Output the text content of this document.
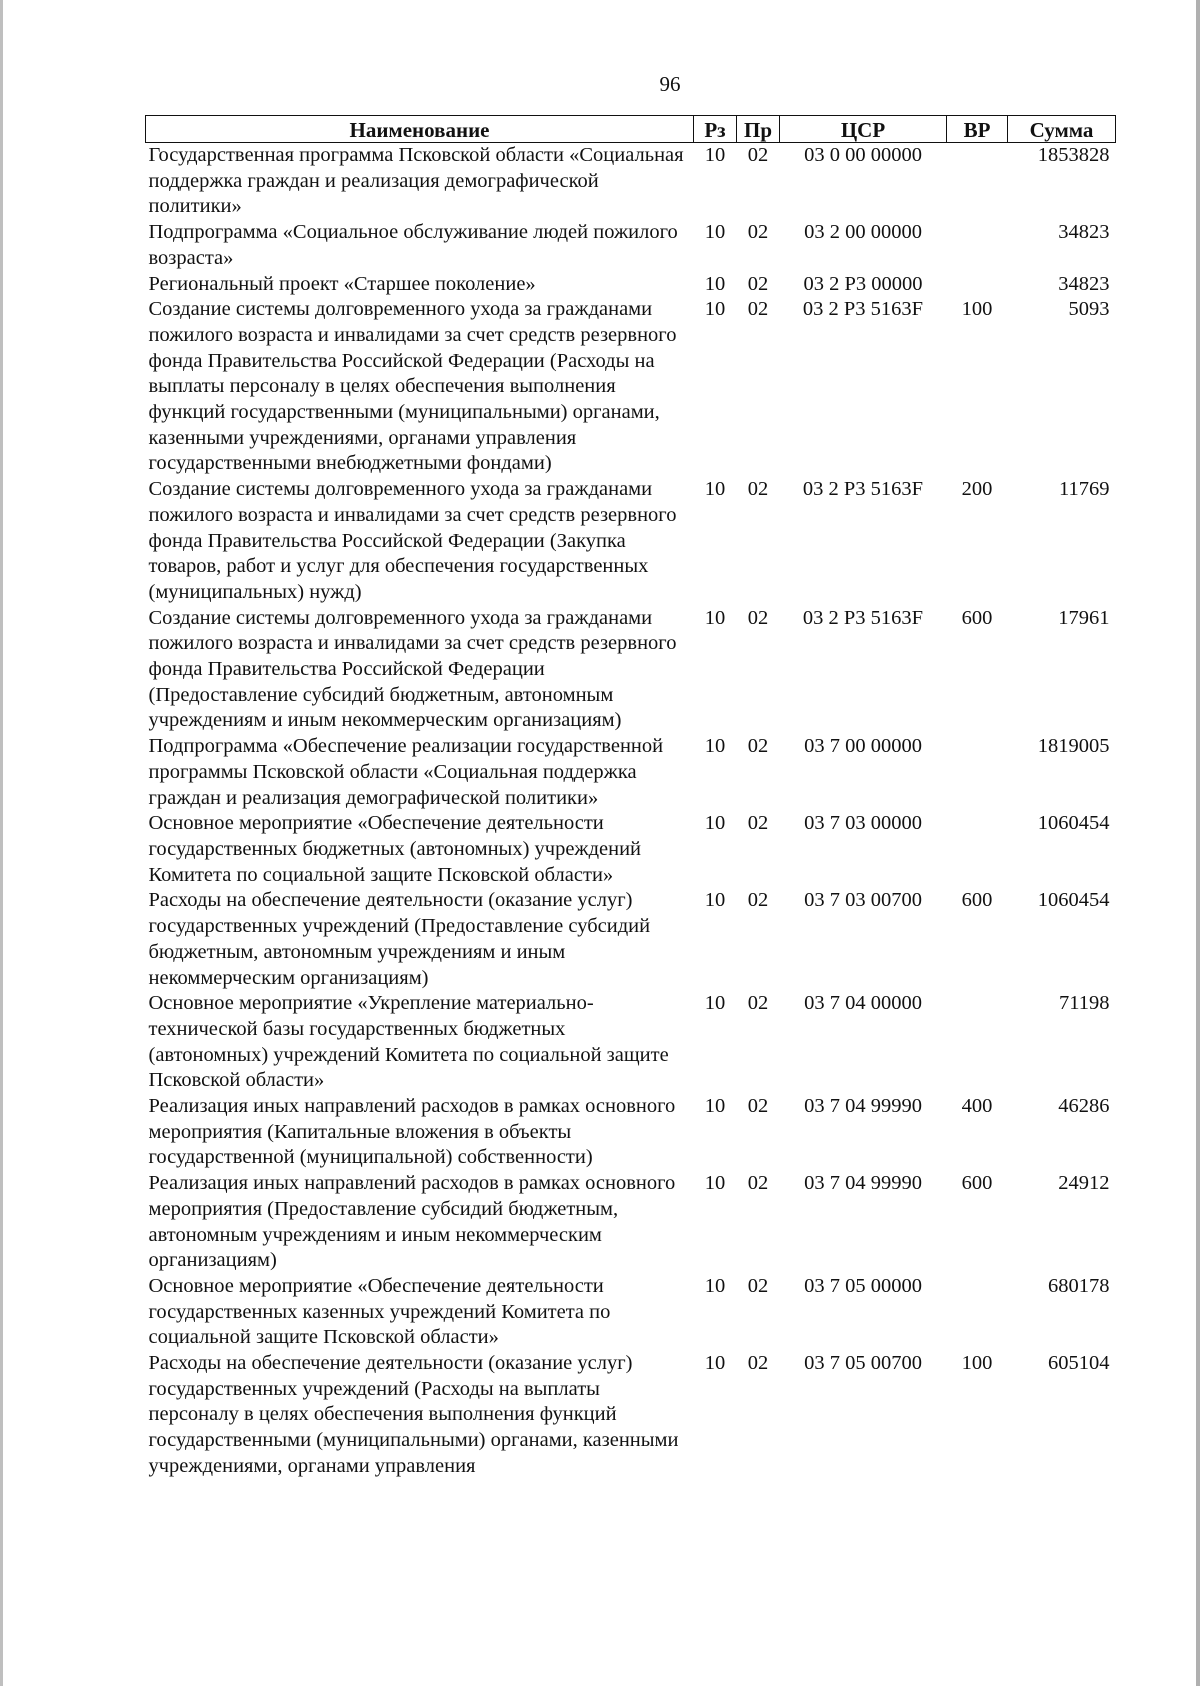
96
Наименование	Рз	Пр	ЦСР	ВР	Сумма
Государственная программа Псковской области «Социальная поддержка граждан и реализация демографической политики»	10	02	03 0 00 00000		1853828
Подпрограмма «Социальное обслуживание людей пожилого возраста»	10	02	03 2 00 00000		34823
Региональный проект «Старшее поколение»	10	02	03 2 P3 00000		34823
Создание системы долговременного ухода за гражданами пожилого возраста и инвалидами за счет средств резервного фонда Правительства Российской Федерации (Расходы на выплаты персоналу в целях обеспечения выполнения функций государственными (муниципальными) органами, казенными учреждениями, органами управления государственными внебюджетными фондами)	10	02	03 2 P3 5163F	100	5093
Создание системы долговременного ухода за гражданами пожилого возраста и инвалидами за счет средств резервного фонда Правительства Российской Федерации (Закупка товаров, работ и услуг для обеспечения государственных (муниципальных) нужд)	10	02	03 2 P3 5163F	200	11769
Создание системы долговременного ухода за гражданами пожилого возраста и инвалидами за счет средств резервного фонда Правительства Российской Федерации (Предоставление субсидий бюджетным, автономным учреждениям и иным некоммерческим организациям)	10	02	03 2 P3 5163F	600	17961
Подпрограмма «Обеспечение реализации государственной программы Псковской области «Социальная поддержка граждан и реализация демографической политики»	10	02	03 7 00 00000		1819005
Основное мероприятие «Обеспечение деятельности государственных бюджетных (автономных) учреждений Комитета по социальной защите Псковской области»	10	02	03 7 03 00000		1060454
Расходы на обеспечение деятельности (оказание услуг) государственных учреждений (Предоставление субсидий бюджетным, автономным учреждениям и иным некоммерческим организациям)	10	02	03 7 03 00700	600	1060454
Основное мероприятие «Укрепление материально-технической базы государственных бюджетных (автономных) учреждений Комитета по социальной защите Псковской области»	10	02	03 7 04 00000		71198
Реализация иных направлений расходов в рамках основного мероприятия (Капитальные вложения в объекты государственной (муниципальной) собственности)	10	02	03 7 04 99990	400	46286
Реализация иных направлений расходов в рамках основного мероприятия (Предоставление субсидий бюджетным, автономным учреждениям и иным некоммерческим организациям)	10	02	03 7 04 99990	600	24912
Основное мероприятие «Обеспечение деятельности государственных казенных учреждений Комитета по социальной защите Псковской области»	10	02	03 7 05 00000		680178
Расходы на обеспечение деятельности (оказание услуг) государственных учреждений (Расходы на выплаты персоналу в целях обеспечения выполнения функций государственными (муниципальными) органами, казенными учреждениями, органами управления	10	02	03 7 05 00700	100	605104
